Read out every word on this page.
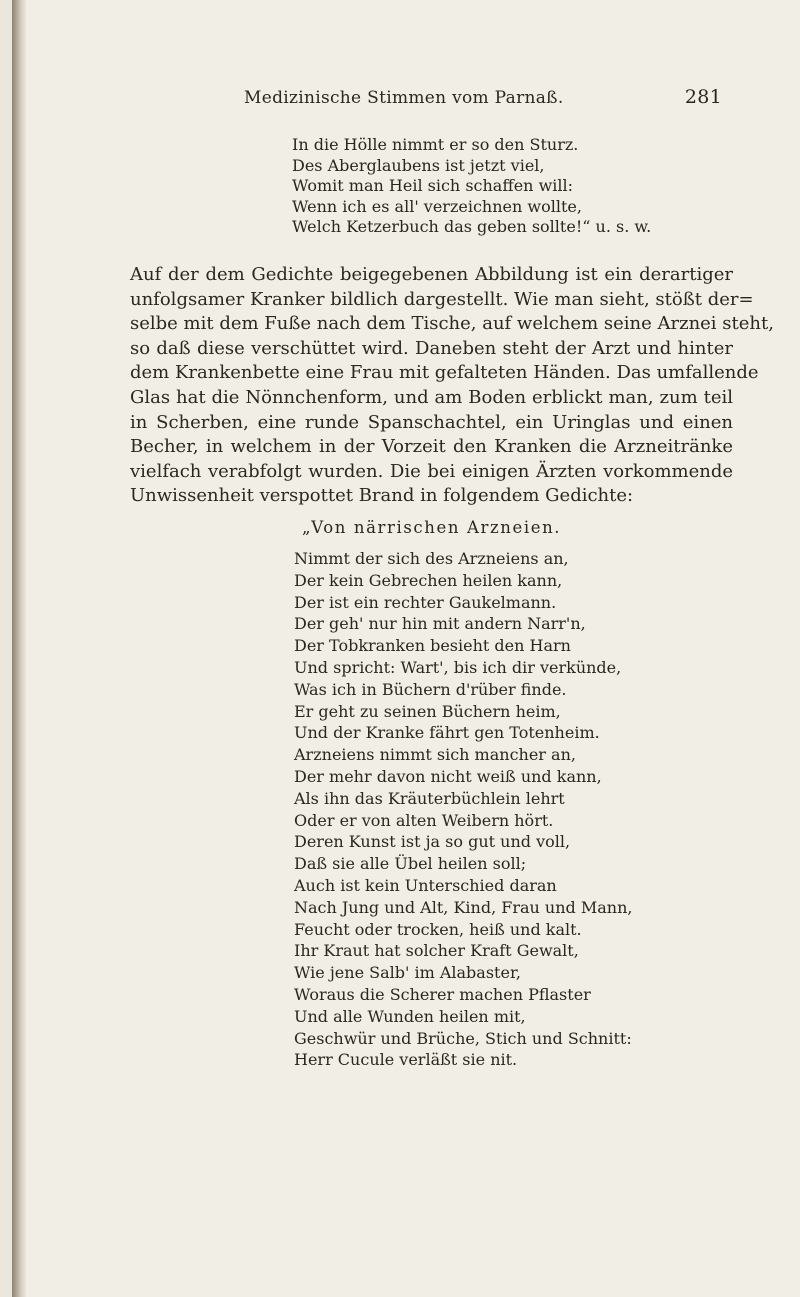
Medizinische Stimmen vom Parnaß.	281
In die Höllе nimmt er so den Sturz.
Des Aberglaubens ist jetzt viel,
Womit man Heil sich schaffen will:
Wenn ich es all' verzeichnen wollte,
Welch Ketzerbuch das geben sollte!“ u. s. w.
Auf der dem Gedichte beigegebenen Abbildung ist ein derartiger
unfolgsamer Kranker bildlich dargestellt. Wie man sieht, stößt der=
selbe mit dem Fuße nach dem Tische, auf welchem seine Arznei steht,
so daß diese verschüttet wird. Daneben steht der Arzt und hinter
dem Krankenbette eine Frau mit gefalteten Händen. Das umfallende
Glas hat die Nönnchenform, und am Boden erblickt man, zum teil
in Scherben, eine runde Spanschachtel, ein Uringlas und einen
Becher, in welchem in der Vorzeit den Kranken die Arzneitränke
vielfach verabfolgt wurden. Die bei einigen Ärzten vorkommende
Unwissenheit verspottet Brand in folgendem Gedichte:
„Von närrischen Arzneien.
Nimmt der sich des Arzneiens an,
Der kein Gebrechen heilen kann,
Der ist ein rechter Gaukelmann.
Der geh' nur hin mit andern Narr'n,
Der Tobkranken besieht den Harn
Und spricht: Wart', bis ich dir verkünde,
Was ich in Büchern d'rüber finde.
Er geht zu seinen Büchern heim,
Und der Kranke fährt gen Totenheim.
Arzneiens nimmt sich mancher an,
Der mehr davon nicht weiß und kann,
Als ihn das Kräuterbüchlein lehrt
Oder er von alten Weibern hört.
Deren Kunst ist ja so gut und voll,
Daß sie alle Übel heilen soll;
Auch ist kein Unterschied daran
Nach Jung und Alt, Kind, Frau und Mann,
Feucht oder trocken, heiß und kalt.
Ihr Kraut hat solcher Kraft Gewalt,
Wie jene Salb' im Alabaster,
Woraus die Scherer machen Pflaster
Und alle Wunden heilen mit,
Geschwür und Brüche, Stich und Schnitt:
Herr Cucule verläßt sie nit.
